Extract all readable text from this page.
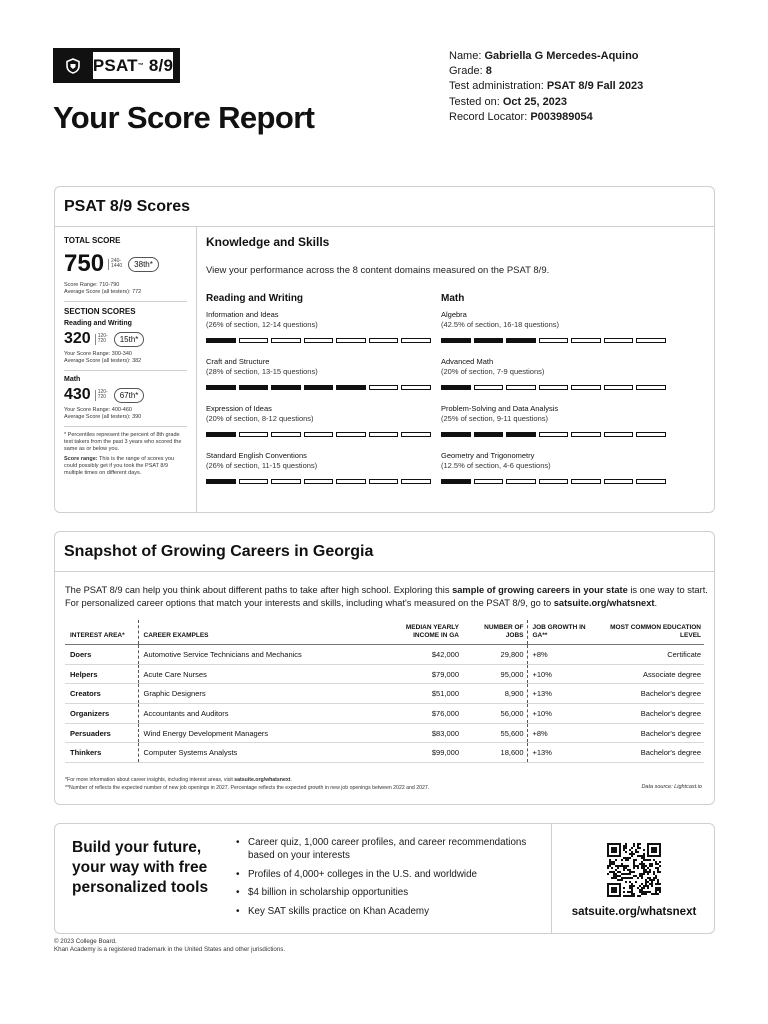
PSAT ™
8/9
Your Score Report
Name: Gabriella G Mercedes-Aquino
Grade: 8
Test administration: PSAT 8/9 Fall 2023
Tested on: Oct 25, 2023
Record Locator: P003989054
PSAT 8/9 Scores
TOTAL SCORE
750	240-
1440	38th*
Score Range: 710-790
Average Score (all testers): 772
SECTION SCORES
Reading and Writing
320	120-
720	15th*
Your Score Range: 300-340
Average Score (all testers): 382
Math
430	120-
720	67th*
Your Score Range: 400-460
Average Score (all testers): 390
* Percentiles represent the percent of 8th grade test takers from the past 3 years who scored the same as or below you.
Score range: This is the range of scores you could possibly get if you took the PSAT 8/9 multiple times on different days.
Knowledge and Skills
View your performance across the 8 content domains measured on the PSAT 8/9.
Reading and Writing
Information and Ideas
(26% of section, 12-14 questions)
Craft and Structure
(28% of section, 13-15 questions)
Expression of Ideas
(20% of section, 8-12 questions)
Standard English Conventions
(26% of section, 11-15 questions)
Math
Algebra
(42.5% of section, 16-18 questions)
Advanced Math
(20% of section, 7-9 questions)
Problem-Solving and Data Analysis
(25% of section, 9-11 questions)
Geometry and Trigonometry
(12.5% of section, 4-6 questions)
Snapshot of Growing Careers in Georgia
The PSAT 8/9 can help you think about different paths to take after high school. Exploring this sample of growing careers in your state is one way to start. For personalized career options that match your interests and skills, including what's measured on the PSAT 8/9, go to satsuite.org/whatsnext.
INTEREST AREA*	CAREER EXAMPLES	MEDIAN YEARLY INCOME IN GA	NUMBER OF JOBS	JOB GROWTH IN GA**	MOST COMMON EDUCATION LEVEL
Doers	Automotive Service Technicians and Mechanics	$42,000	29,800	+8%	Certificate
Helpers	Acute Care Nurses	$79,000	95,000	+10%	Associate degree
Creators	Graphic Designers	$51,000	8,900	+13%	Bachelor's degree
Organizers	Accountants and Auditors	$76,000	56,000	+10%	Bachelor's degree
Persuaders	Wind Energy Development Managers	$83,000	55,600	+8%	Bachelor's degree
Thinkers	Computer Systems Analysts	$99,000	18,600	+13%	Bachelor's degree
*For more information about career insights, including interest areas, visit satsuite.org/whatsnext.
**Number of reflects the expected number of new job openings in 2027. Percentage reflects the expected growth in new job openings between 2022 and 2027.	Data source: Lightcast.io
Build your future, your way with free personalized tools
• Career quiz, 1,000 career profiles, and career recommendations based on your interests
• Profiles of 4,000+ colleges in the U.S. and worldwide
• $4 billion in scholarship opportunities
• Key SAT skills practice on Khan Academy	satsuite.org/whatsnext
© 2023 College Board.
Khan Academy is a registered trademark in the United States and other jurisdictions.
